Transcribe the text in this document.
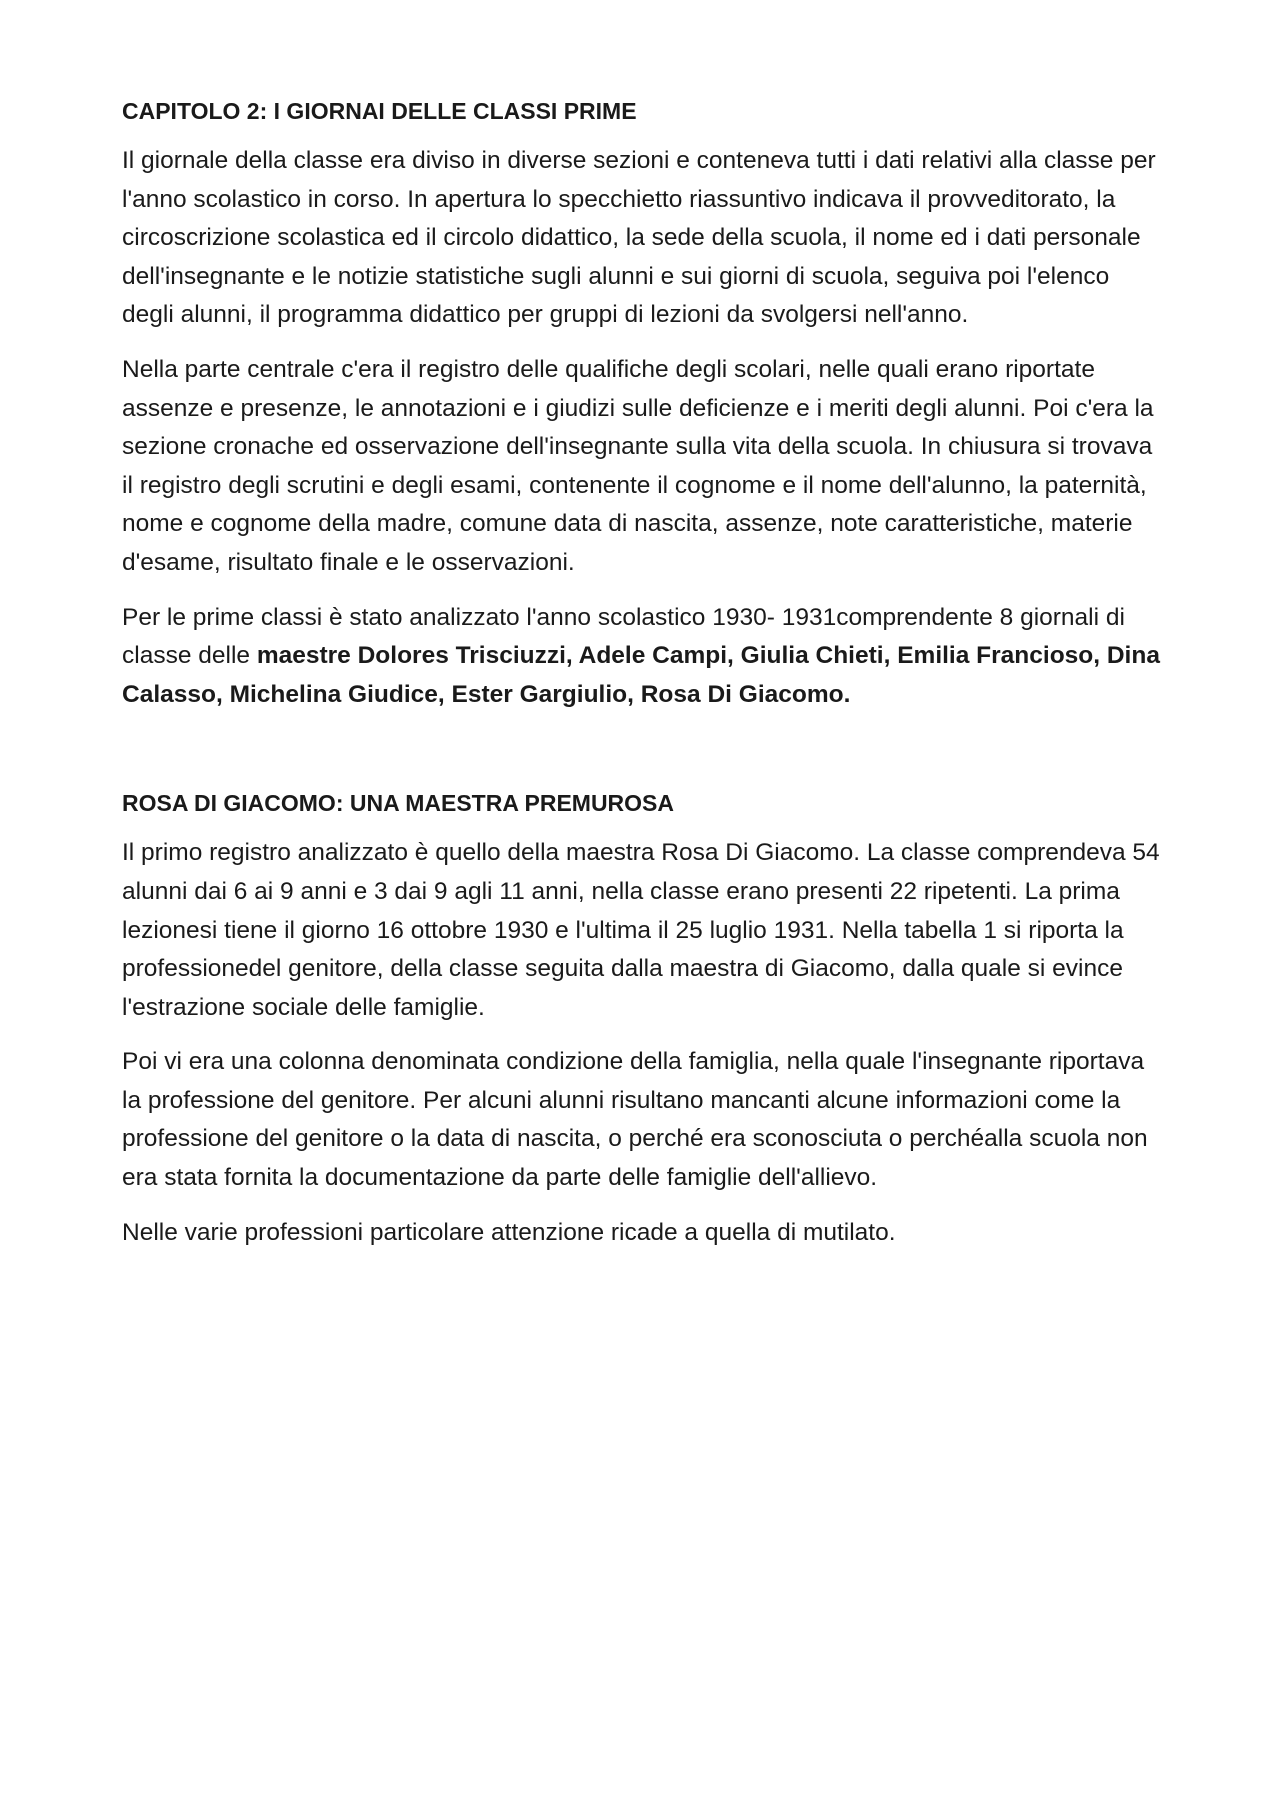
CAPITOLO 2: I GIORNAI DELLE CLASSI PRIME

Il giornale della classe era diviso in diverse sezioni e conteneva tutti i dati relativi alla classe per l'anno scolastico in corso. In apertura lo specchietto riassuntivo indicava il provveditorato, la circoscrizione scolastica ed il circolo didattico, la sede della scuola, il nome ed i dati personale dell'insegnante e le notizie statistiche sugli alunni e sui giorni di scuola, seguiva poi l'elenco degli alunni, il programma didattico per gruppi di lezioni da svolgersi nell'anno.

Nella parte centrale c'era il registro delle qualifiche degli scolari, nelle quali erano riportate assenze e presenze, le annotazioni e i giudizi sulle deficienze e i meriti degli alunni. Poi c'era la sezione cronache ed osservazione dell'insegnante sulla vita della scuola. In chiusura si trovava il registro degli scrutini e degli esami, contenente il cognome e il nome dell'alunno, la paternità, nome e cognome della madre, comune data di nascita, assenze, note caratteristiche, materie d'esame, risultato finale e le osservazioni.

Per le prime classi è stato analizzato l'anno scolastico 1930- 1931comprendente 8 giornali di classe delle maestre Dolores Trisciuzzi, Adele Campi, Giulia Chieti, Emilia Francioso, Dina Calasso, Michelina Giudice, Ester Gargiulio, Rosa Di Giacomo.

ROSA DI GIACOMO: UNA MAESTRA PREMUROSA

Il primo registro analizzato è quello della maestra Rosa Di Giacomo. La classe comprendeva 54 alunni dai 6 ai 9 anni e 3 dai 9 agli 11 anni, nella classe erano presenti 22 ripetenti. La prima lezionesi tiene il giorno 16 ottobre 1930 e l'ultima il 25 luglio 1931. Nella tabella 1 si riporta la professionedel genitore, della classe seguita dalla maestra di Giacomo, dalla quale si evince l'estrazione sociale delle famiglie.

Poi vi era una colonna denominata condizione della famiglia, nella quale l'insegnante riportava la professione del genitore. Per alcuni alunni risultano mancanti alcune informazioni come la professione del genitore o la data di nascita, o perché era sconosciuta o perchéalla scuola non era stata fornita la documentazione da parte delle famiglie dell'allievo.

Nelle varie professioni particolare attenzione ricade a quella di mutilato.
